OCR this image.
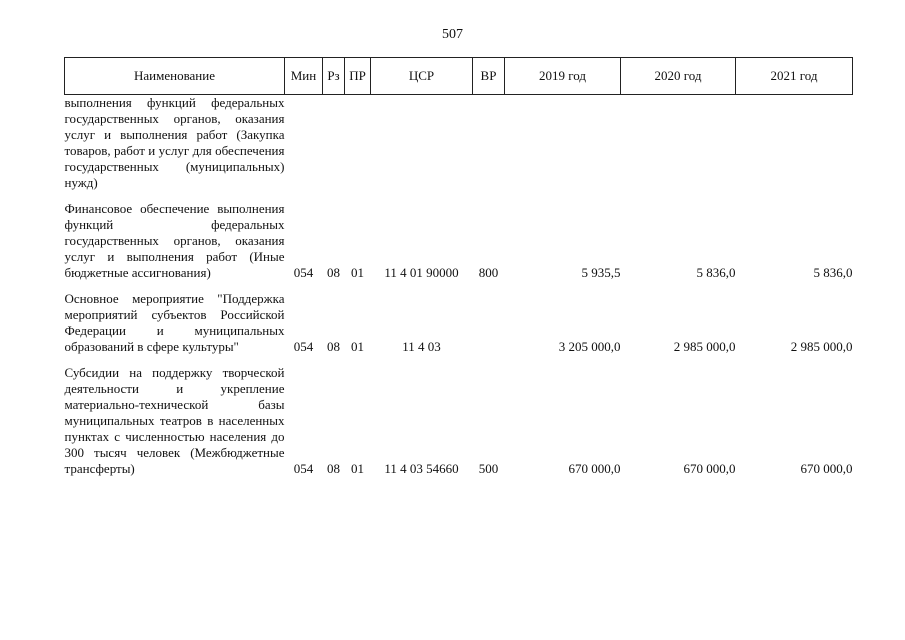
507
Наименование	Мин	Рз	ПР	ЦСР	ВР	2019 год	2020 год	2021 год
выполнения функций федеральных государственных органов, оказания услуг и выполнения работ (Закупка товаров, работ и услуг для обеспечения государственных (муниципальных) нужд)								

Финансовое обеспечение выполнения функций федеральных государственных органов, оказания услуг и выполнения работ (Иные бюджетные ассигнования)	054	08	01	11 4 01 90000	800	5 935,5	5 836,0	5 836,0

Основное мероприятие "Поддержка мероприятий субъектов Российской Федерации и муниципальных образований в сфере культуры"	054	08	01	11 4 03		3 205 000,0	2 985 000,0	2 985 000,0

Субсидии на поддержку творческой деятельности и укрепление материально-технической базы муниципальных театров в населенных пунктах с численностью населения до 300 тысяч человек (Межбюджетные трансферты)	054	08	01	11 4 03 54660	500	670 000,0	670 000,0	670 000,0
